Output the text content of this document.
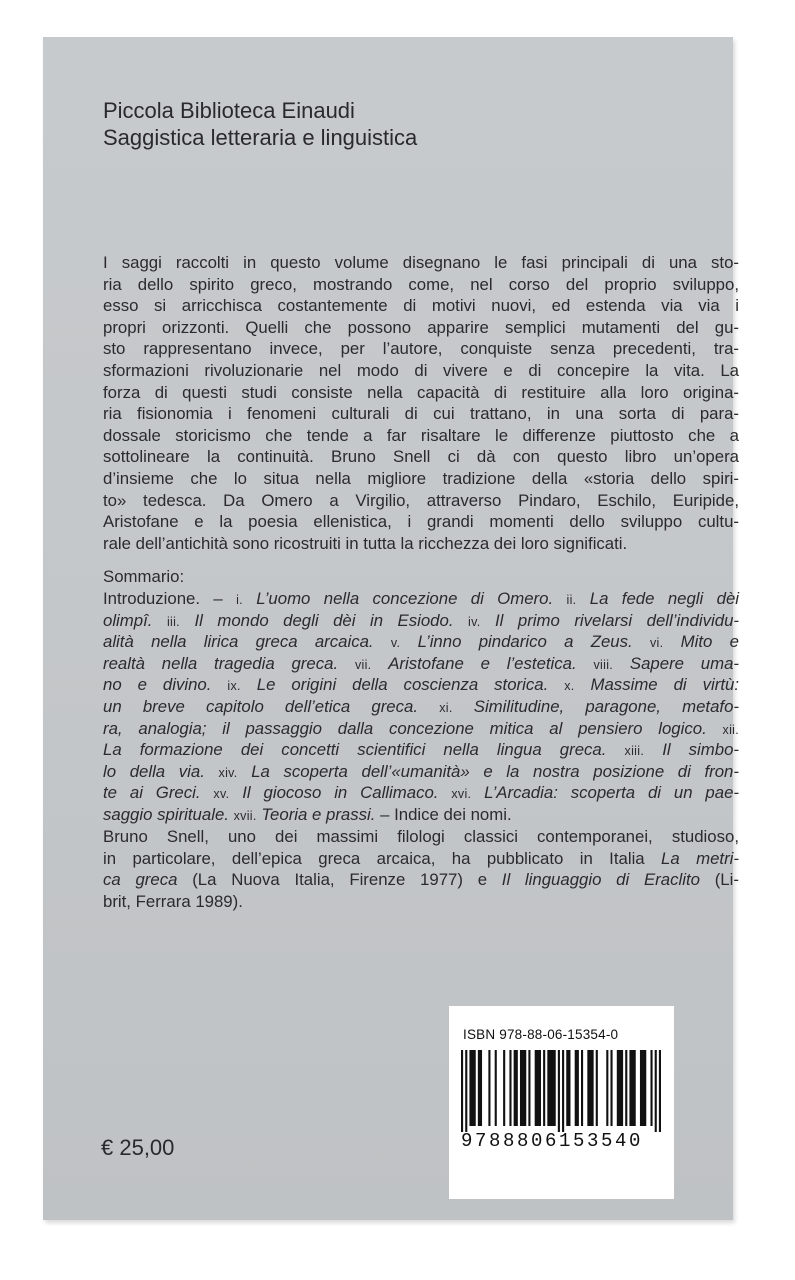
Piccola Biblioteca Einaudi
Saggistica letteraria e linguistica
I saggi raccolti in questo volume disegnano le fasi principali di una sto-
ria dello spirito greco, mostrando come, nel corso del proprio sviluppo,
esso si arricchisca costantemente di motivi nuovi, ed estenda via via i
propri orizzonti. Quelli che possono apparire semplici mutamenti del gu-
sto rappresentano invece, per l’autore, conquiste senza precedenti, tra-
sformazioni rivoluzionarie nel modo di vivere e di concepire la vita. La
forza di questi studi consiste nella capacità di restituire alla loro origina-
ria fisionomia i fenomeni culturali di cui trattano, in una sorta di para-
dossale storicismo che tende a far risaltare le differenze piuttosto che a
sottolineare la continuità. Bruno Snell ci dà con questo libro un’opera
d’insieme che lo situa nella migliore tradizione della «storia dello spiri-
to» tedesca. Da Omero a Virgilio, attraverso Pindaro, Eschilo, Euripide,
Aristofane e la poesia ellenistica, i grandi momenti dello sviluppo cultu-
rale dell’antichità sono ricostruiti in tutta la ricchezza dei loro significati.
Sommario:
Introduzione. – i. L’uomo nella concezione di Omero. ii. La fede negli dèi
olimpî. iii. Il mondo degli dèi in Esiodo. iv. Il primo rivelarsi dell’individu-
alità nella lirica greca arcaica. v. L’inno pindarico a Zeus. vi. Mito e
realtà nella tragedia greca. vii. Aristofane e l’estetica. viii. Sapere uma-
no e divino. ix. Le origini della coscienza storica. x. Massime di virtù:
un breve capitolo dell’etica greca. xi. Similitudine, paragone, metafo-
ra, analogia; il passaggio dalla concezione mitica al pensiero logico. xii.
La formazione dei concetti scientifici nella lingua greca. xiii. Il simbo-
lo della via. xiv. La scoperta dell’«umanità» e la nostra posizione di fron-
te ai Greci. xv. Il giocoso in Callimaco. xvi. L’Arcadia: scoperta di un pae-
saggio spirituale. xvii. Teoria e prassi. – Indice dei nomi.
Bruno Snell, uno dei massimi filologi classici contemporanei, studioso,
in particolare, dell’epica greca arcaica, ha pubblicato in Italia La metri-
ca greca (La Nuova Italia, Firenze 1977) e Il linguaggio di Eraclito (Li-
brit, Ferrara 1989).
€ 25,00
ISBN 978-88-06-15354-0
9788806153540
